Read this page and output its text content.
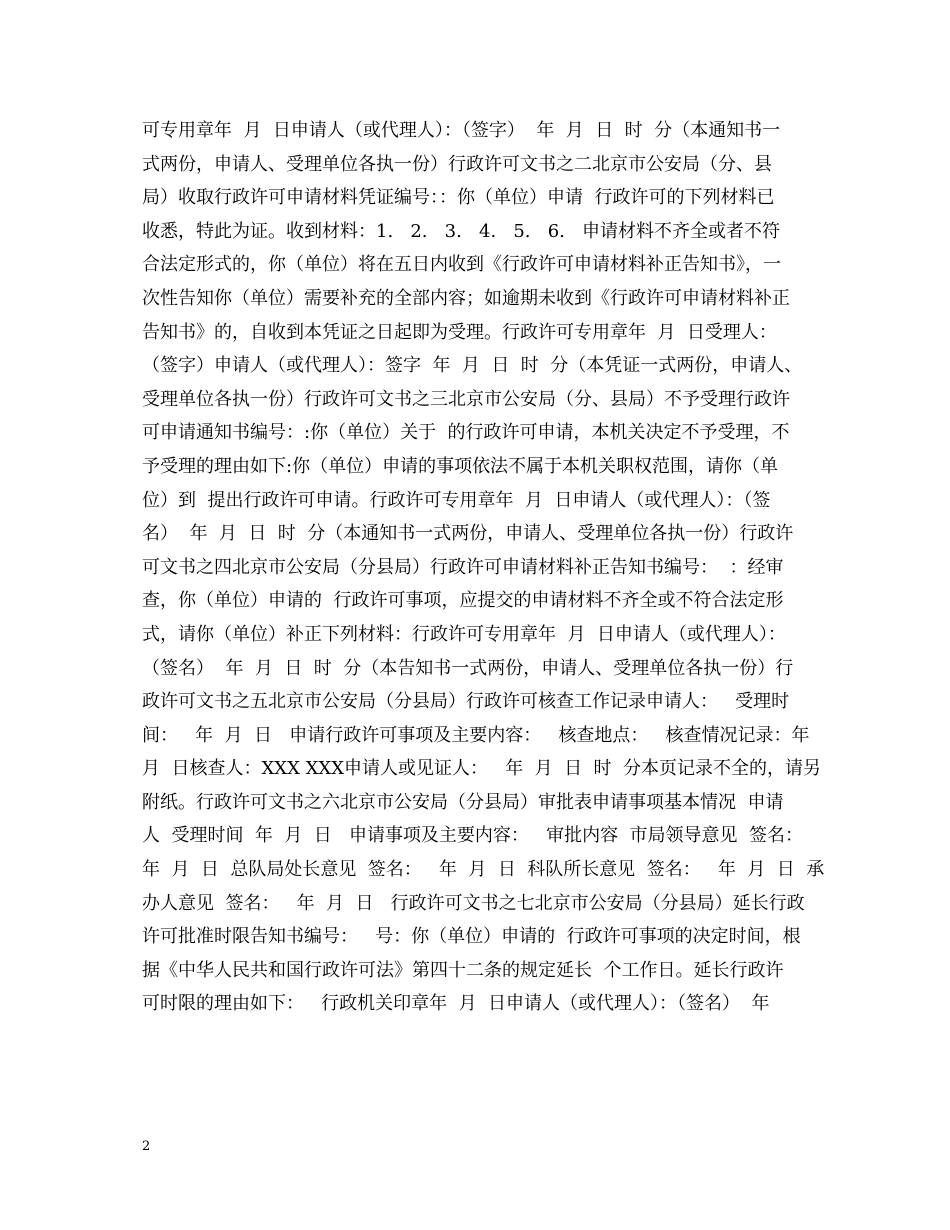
可专用章年  月  日申请人（或代理人）：（签字）  年  月  日  时  分（本通知书一
式两份，申请人、受理单位各执一份）行政许可文书之二北京市公安局（分、县
局）收取行政许可申请材料凭证编号：：你（单位）申请  行政许可的下列材料已
收悉，特此为证。收到材料：1.   2.   3.   4.   5.   6.   申请材料不齐全或者不符
合法定形式的，你（单位）将在五日内收到《行政许可申请材料补正告知书》，一
次性告知你（单位）需要补充的全部内容；如逾期未收到《行政许可申请材料补正
告知书》的，自收到本凭证之日起即为受理。行政许可专用章年  月  日受理人：
（签字）申请人（或代理人）：签字  年  月  日  时  分（本凭证一式两份，申请人、
受理单位各执一份）行政许可文书之三北京市公安局（分、县局）不予受理行政许
可申请通知书编号：:你（单位）关于  的行政许可申请，本机关决定不予受理，不
予受理的理由如下:你（单位）申请的事项依法不属于本机关职权范围，请你（单
位）到  提出行政许可申请。行政许可专用章年  月  日申请人（或代理人）：（签
名）  年  月  日  时  分（本通知书一式两份，申请人、受理单位各执一份）行政许
可文书之四北京市公安局（分县局）行政许可申请材料补正告知书编号：  ：经审
查，你（单位）申请的  行政许可事项，应提交的申请材料不齐全或不符合法定形
式，请你（单位）补正下列材料：行政许可专用章年  月  日申请人（或代理人）：
（签名）  年  月  日  时  分（本告知书一式两份，申请人、受理单位各执一份）行
政许可文书之五北京市公安局（分县局）行政许可核查工作记录申请人：   受理时
间：   年  月  日   申请行政许可事项及主要内容：   核查地点：   核查情况记录：年
月  日核查人：XXX XXX申请人或见证人：   年  月  日  时  分本页记录不全的，请另
附纸。行政许可文书之六北京市公安局（分县局）审批表申请事项基本情况  申请
人  受理时间  年  月  日   申请事项及主要内容：   审批内容  市局领导意见  签名：
年  月  日  总队局处长意见  签名：   年  月  日  科队所长意见  签名：   年  月  日  承
办人意见  签名：   年  月  日   行政许可文书之七北京市公安局（分县局）延长行政
许可批准时限告知书编号：   号：你（单位）申请的  行政许可事项的决定时间，根
据《中华人民共和国行政许可法》第四十二条的规定延长  个工作日。延长行政许
可时限的理由如下：   行政机关印章年  月  日申请人（或代理人）：（签名）  年
2
